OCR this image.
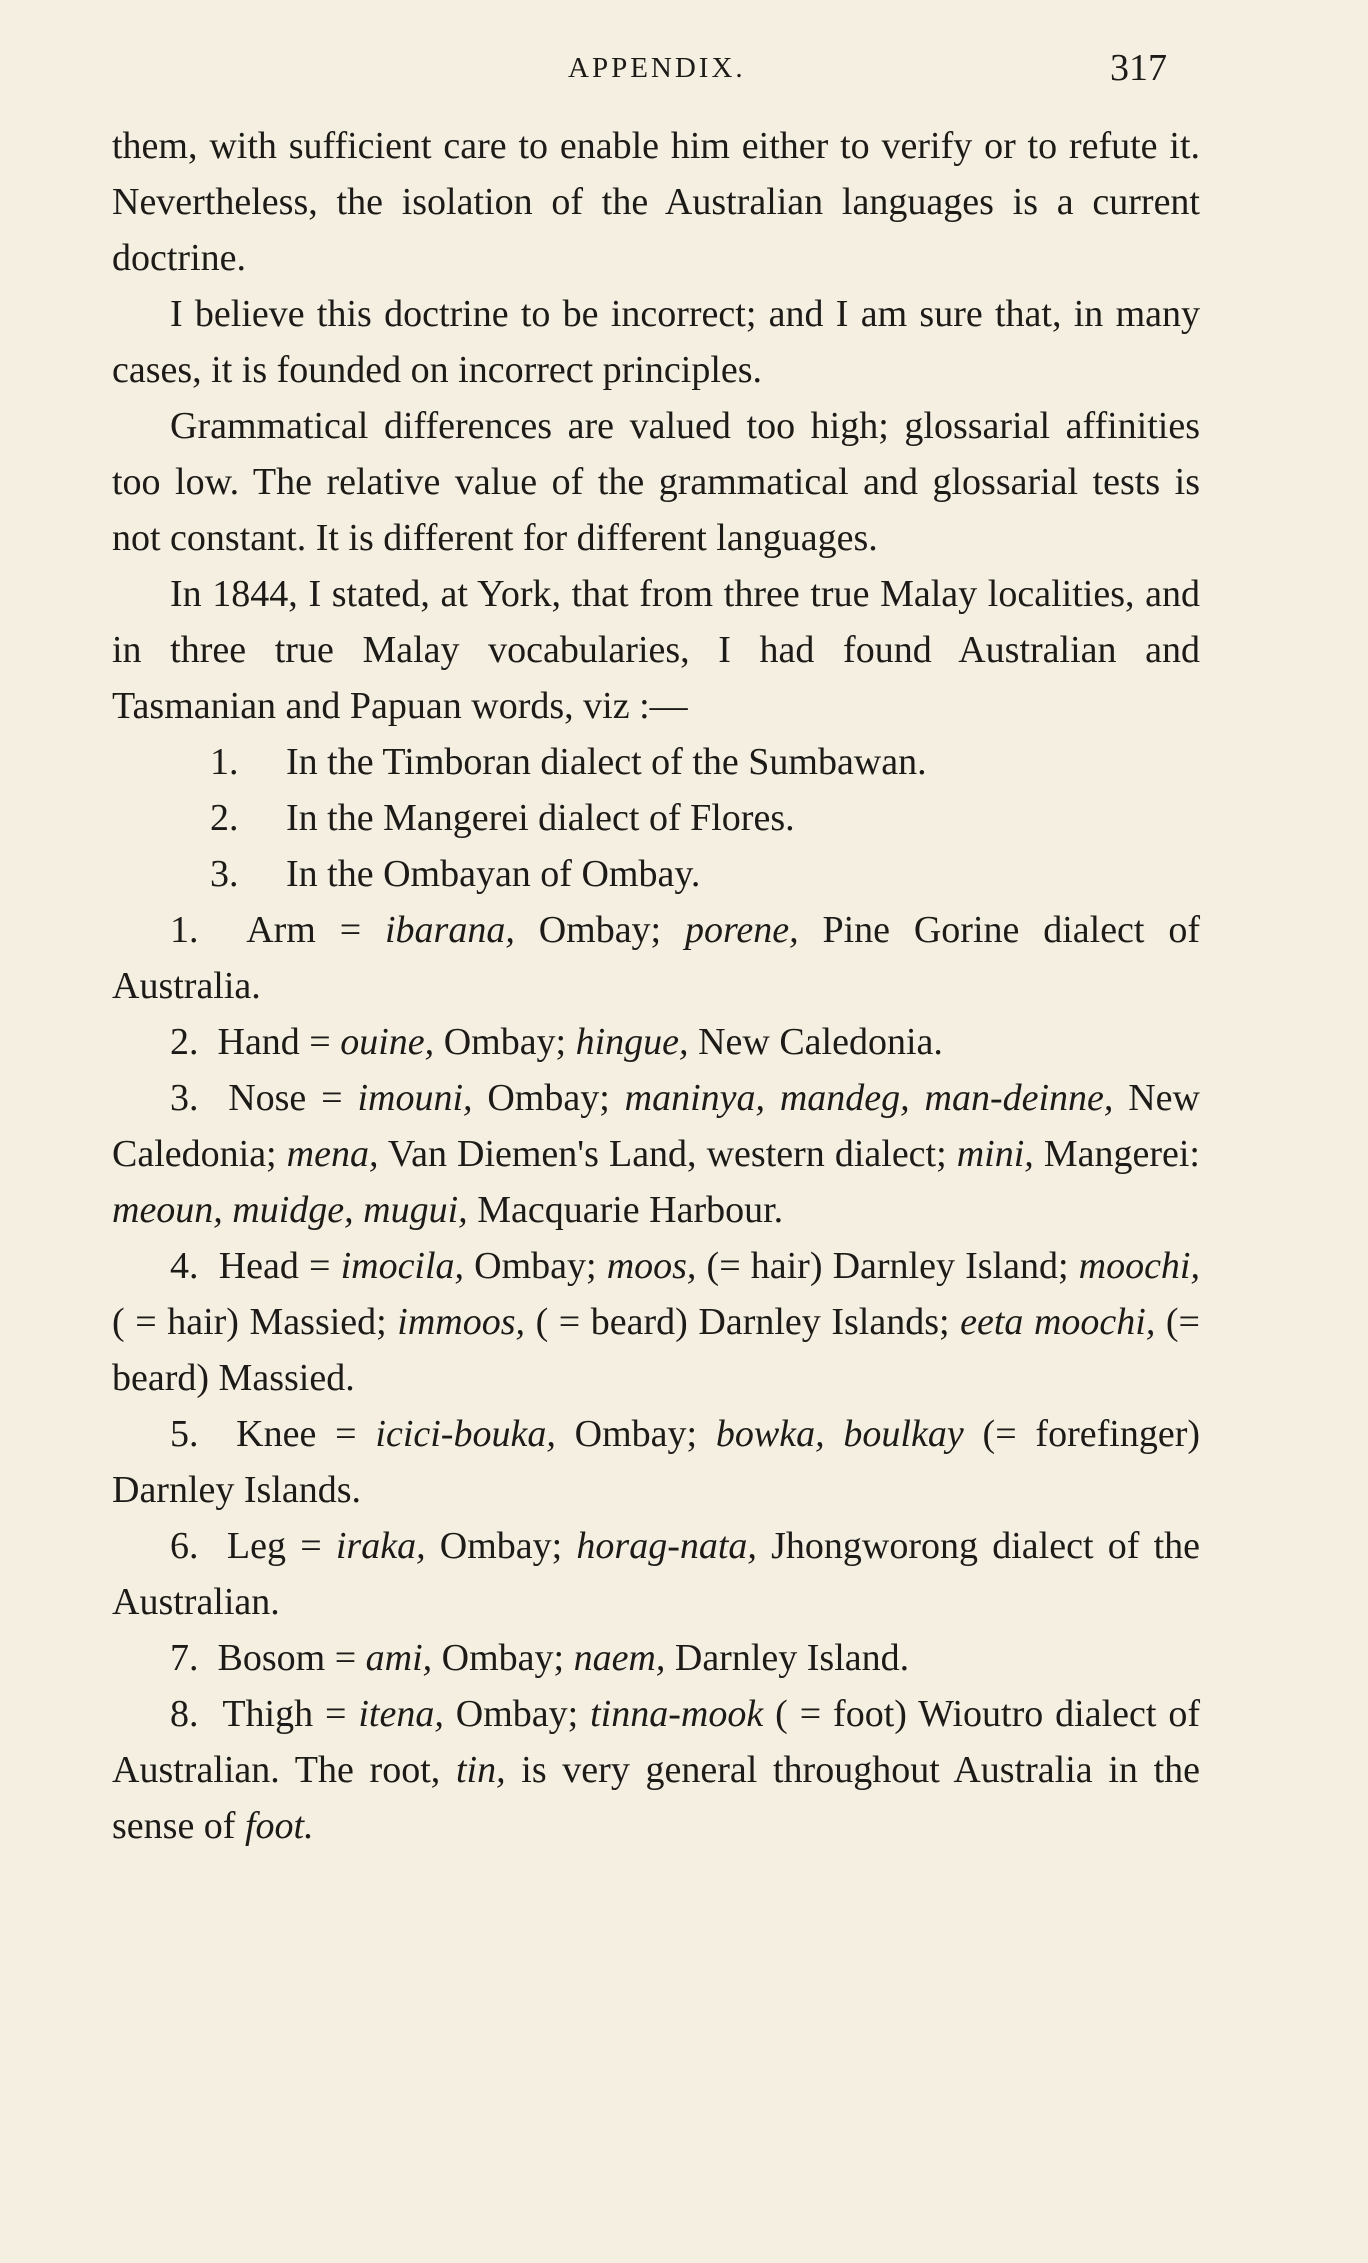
APPENDIX.	317

them, with sufficient care to enable him either to verify or to refute it. Nevertheless, the isolation of the Australian languages is a current doctrine.

I believe this doctrine to be incorrect; and I am sure that, in many cases, it is founded on incorrect principles.

Grammatical differences are valued too high; glossarial affinities too low. The relative value of the grammatical and glossarial tests is not constant. It is different for different languages.

In 1844, I stated, at York, that from three true Malay localities, and in three true Malay vocabularies, I had found Australian and Tasmanian and Papuan words, viz :—

1. In the Timboran dialect of the Sumbawan.

2. In the Mangerei dialect of Flores.

3. In the Ombayan of Ombay.

1. Arm = ibarana, Ombay; porene, Pine Gorine dialect of Australia.

2. Hand = ouine, Ombay; hingue, New Caledonia.

3. Nose = imouni, Ombay; maninya, mandeg, man-deinne, New Caledonia; mena, Van Diemen's Land, western dialect; mini, Mangerei: meoun, muidge, mugui, Macquarie Harbour.

4. Head = imocila, Ombay; moos, (= hair) Darnley Island; moochi, ( = hair) Massied; immoos, ( = beard) Darnley Islands; eeta moochi, (= beard) Massied.

5. Knee = icici-bouka, Ombay; bowka, boulkay (= forefinger) Darnley Islands.

6. Leg = iraka, Ombay; horag-nata, Jhongworong dialect of the Australian.

7. Bosom = ami, Ombay; naem, Darnley Island.

8. Thigh = itena, Ombay; tinna-mook ( = foot) Wioutro dialect of Australian. The root, tin, is very general throughout Australia in the sense of foot.
